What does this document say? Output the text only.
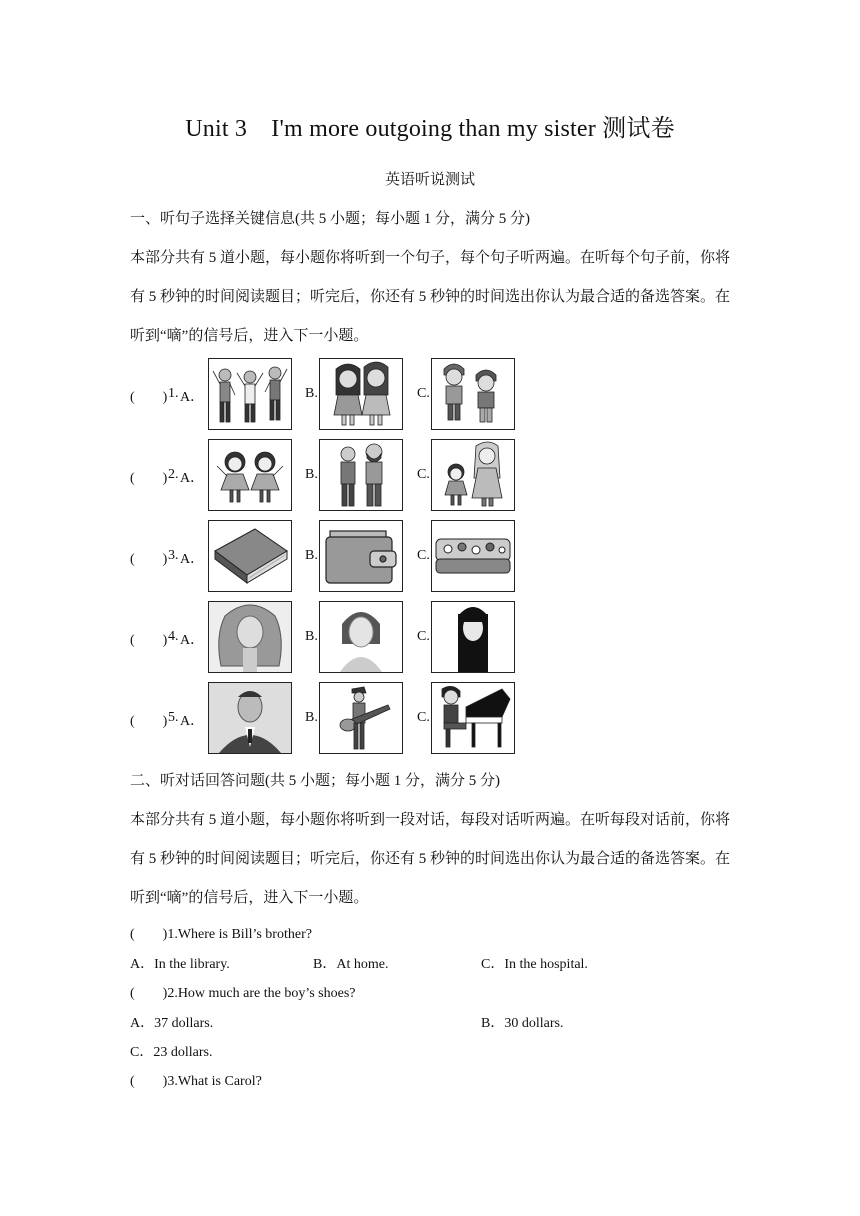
Unit 3　I'm more outgoing than my sister 测试卷
英语听说测试
一、听句子选择关键信息(共 5 小题；每小题 1 分，满分 5 分)
本部分共有 5 道小题，每小题你将听到一个句子，每个句子听两遍。在听每个句子前，你将
有 5 秒钟的时间阅读题目；听完后，你还有 5 秒钟的时间选出你认为最合适的备选答案。在
听到“嘀”的信号后，进入下一小题。
(　　) 1. A．	B.	C.
(　　) 2. A．	B.	C.
(　　) 3. A．	B.	C.
(　　) 4. A．	B.	C.
(　　) 5. A．	B.	C.
二、听对话回答问题(共 5 小题；每小题 1 分，满分 5 分)
本部分共有 5 道小题，每小题你将听到一段对话，每段对话听两遍。在听每段对话前，你将
有 5 秒钟的时间阅读题目；听完后，你还有 5 秒钟的时间选出你认为最合适的备选答案。在
听到“嘀”的信号后，进入下一小题。
(　　)1.Where is Bill’s brother?
A．In the library.	B．At home.	C．In the hospital.
(　　)2.How much are the boy’s shoes?
A．37 dollars.	B．30 dollars.
C．23 dollars.
(　　)3.What is Carol?
